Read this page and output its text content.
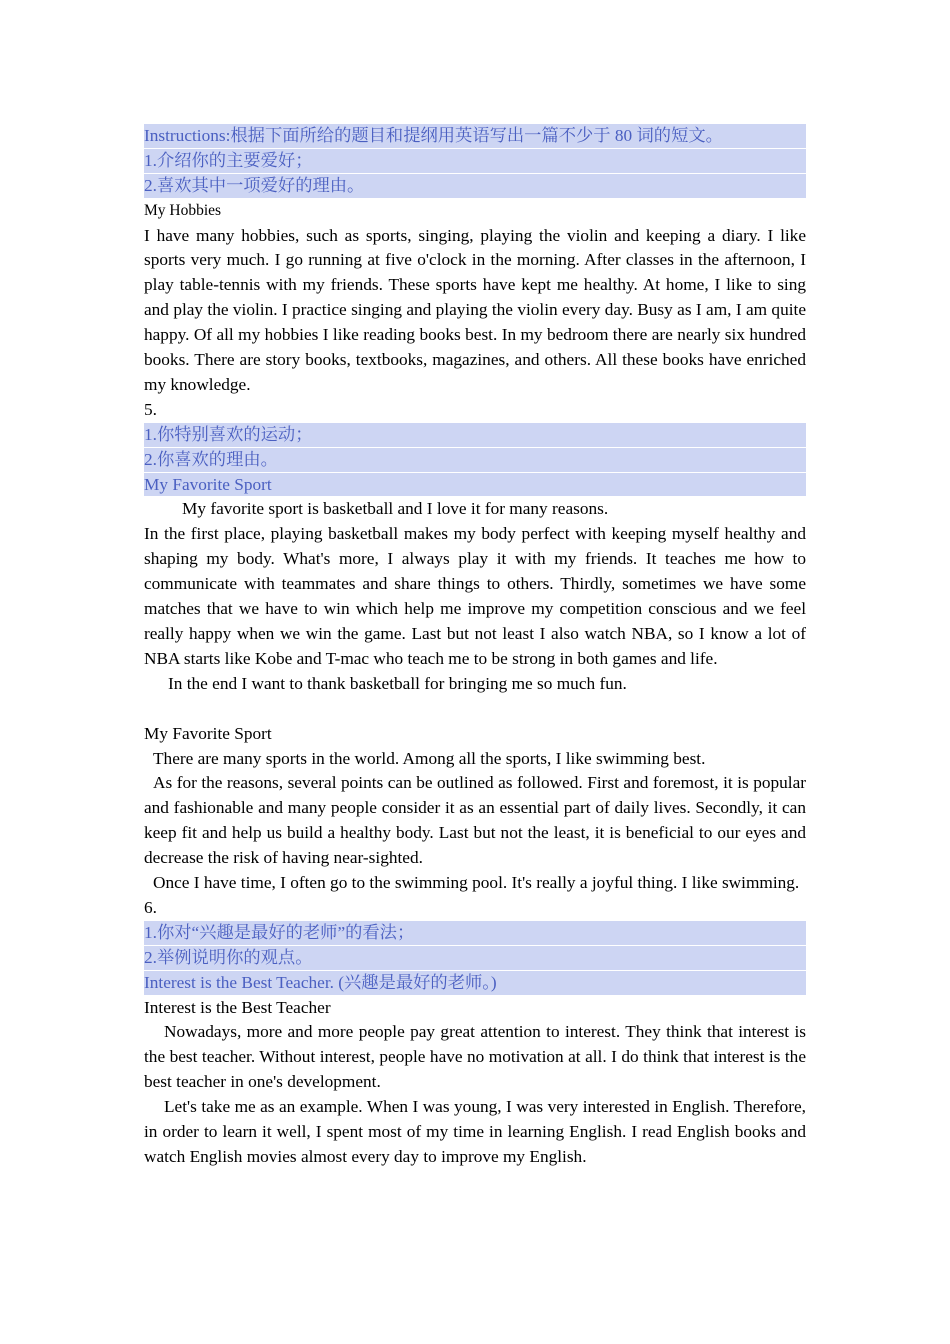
Instructions:根据下面所给的题目和提纲用英语写出一篇不少于 80 词的短文。
1.介绍你的主要爱好；
2.喜欢其中一项爱好的理由。
My Hobbies

I have many hobbies, such as sports, singing, playing the violin and keeping a diary. I like sports very much. I go running at five o'clock in the morning. After classes in the afternoon, I play table-tennis with my friends. These sports have kept me healthy. At home, I like to sing and play the violin. I practice singing and playing the violin every day. Busy as I am, I am quite happy. Of all my hobbies I like reading books best. In my bedroom there are nearly six hundred books. There are story books, textbooks, magazines, and others. All these books have enriched my knowledge.

5.
1.你特别喜欢的运动；
2.你喜欢的理由。
My Favorite Sport

My favorite sport is basketball and I love it for many reasons.

In the first place, playing basketball makes my body perfect with keeping myself healthy and shaping my body. What's more, I always play it with my friends. It teaches me how to communicate with teammates and share things to others. Thirdly, sometimes we have some matches that we have to win which help me improve my competition conscious and we feel really happy when we win the game. Last but not least I also watch NBA, so I know a lot of NBA starts like Kobe and T-mac who teach me to be strong in both games and life.

In the end I want to thank basketball for bringing me so much fun.

My Favorite Sport

There are many sports in the world. Among all the sports, I like swimming best.

As for the reasons, several points can be outlined as followed. First and foremost, it is popular and fashionable and many people consider it as an essential part of daily lives. Secondly, it can keep fit and help us build a healthy body. Last but not the least, it is beneficial to our eyes and decrease the risk of having near-sighted.

Once I have time, I often go to the swimming pool. It's really a joyful thing. I like swimming.

6.
1.你对“兴趣是最好的老师”的看法；
2.举例说明你的观点。
Interest is the Best Teacher. (兴趣是最好的老师。)
Interest is the Best Teacher

Nowadays, more and more people pay great attention to interest. They think that interest is the best teacher. Without interest, people have no motivation at all. I do think that interest is the best teacher in one's development.

Let's take me as an example. When I was young, I was very interested in English. Therefore, in order to learn it well, I spent most of my time in learning English. I read English books and watch English movies almost every day to improve my English.
